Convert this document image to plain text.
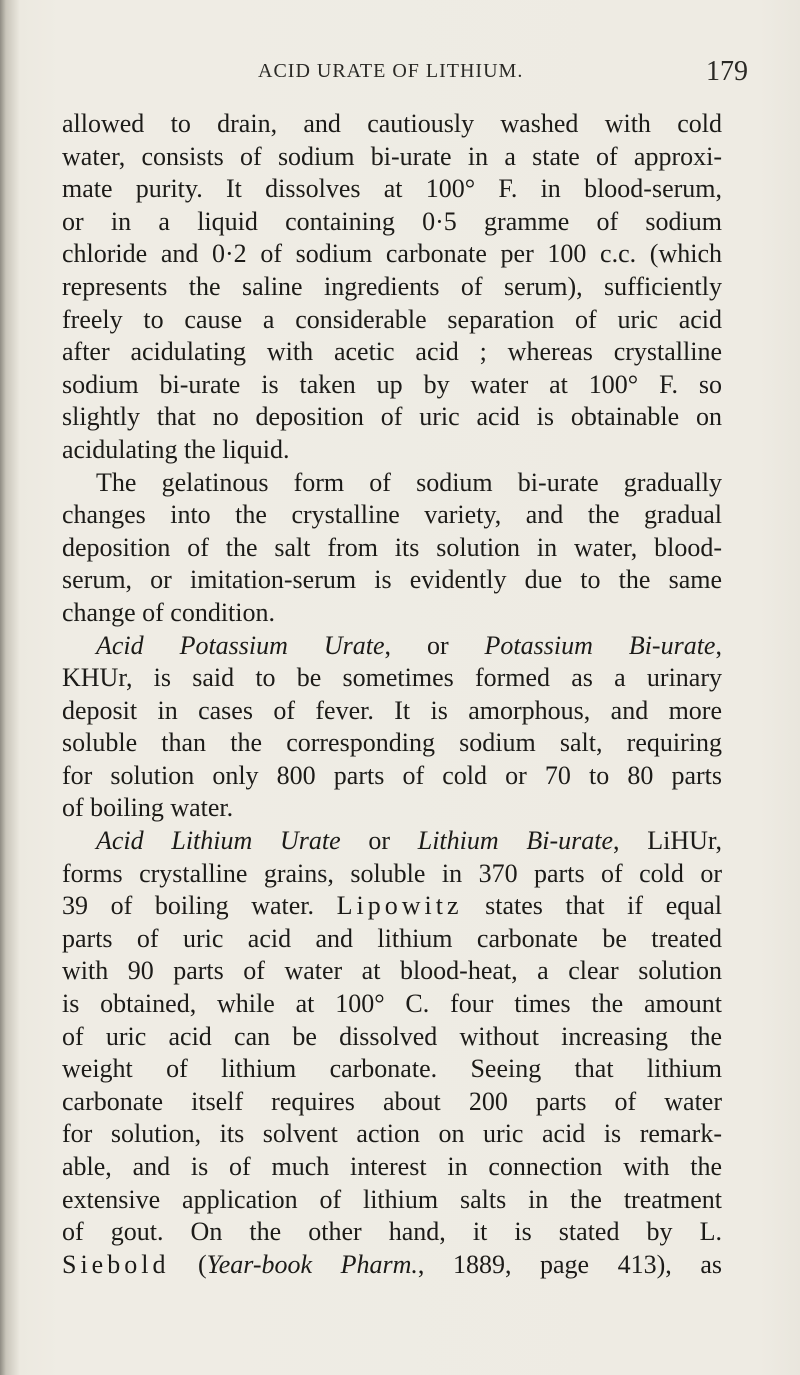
ACID URATE OF LITHIUM.	179
allowed to drain, and cautiously washed with cold
water, consists of sodium bi-urate in a state of approxi-
mate purity. It dissolves at 100° F. in blood-serum,
or in a liquid containing 0·5 gramme of sodium
chloride and 0·2 of sodium carbonate per 100 c.c. (which
represents the saline ingredients of serum), sufficiently
freely to cause a considerable separation of uric acid
after acidulating with acetic acid ; whereas crystalline
sodium bi-urate is taken up by water at 100° F. so
slightly that no deposition of uric acid is obtainable on
acidulating the liquid.
The gelatinous form of sodium bi-urate gradually
changes into the crystalline variety, and the gradual
deposition of the salt from its solution in water, blood-
serum, or imitation-serum is evidently due to the same
change of condition.
Acid Potassium Urate, or Potassium Bi-urate,
KHUr, is said to be sometimes formed as a urinary
deposit in cases of fever. It is amorphous, and more
soluble than the corresponding sodium salt, requiring
for solution only 800 parts of cold or 70 to 80 parts
of boiling water.
Acid Lithium Urate or Lithium Bi-urate, LiHUr,
forms crystalline grains, soluble in 370 parts of cold or
39 of boiling water. Lipowitz states that if equal
parts of uric acid and lithium carbonate be treated
with 90 parts of water at blood-heat, a clear solution
is obtained, while at 100° C. four times the amount
of uric acid can be dissolved without increasing the
weight of lithium carbonate. Seeing that lithium
carbonate itself requires about 200 parts of water
for solution, its solvent action on uric acid is remark-
able, and is of much interest in connection with the
extensive application of lithium salts in the treatment
of gout. On the other hand, it is stated by L.
Siebold (Year-book Pharm., 1889, page 413), as
